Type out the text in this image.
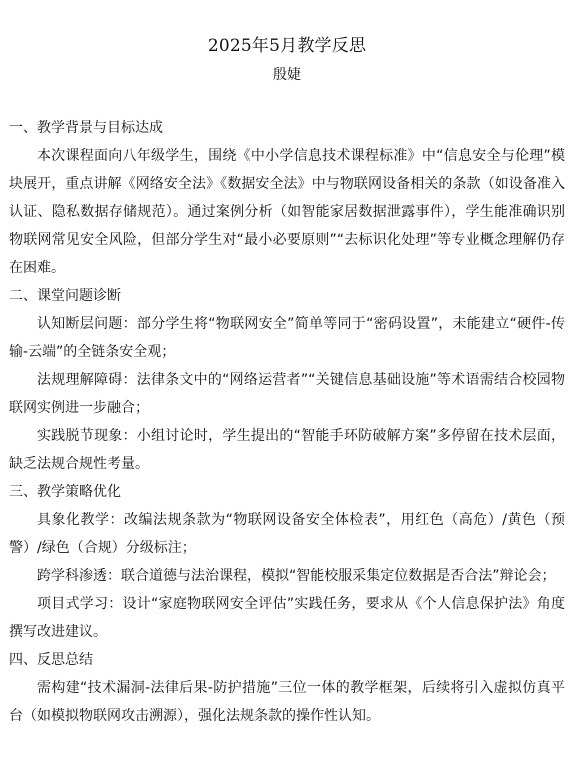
2025年5月教学反思
殷婕

一、教学背景与目标达成

本次课程面向八年级学生，围绕《中小学信息技术课程标准》中“信息安全与伦理”模块展开，重点讲解《网络安全法》《数据安全法》中与物联网设备相关的条款（如设备准入认证、隐私数据存储规范）。通过案例分析（如智能家居数据泄露事件），学生能准确识别物联网常见安全风险，但部分学生对“最小必要原则”“去标识化处理”等专业概念理解仍存在困难。

二、课堂问题诊断

认知断层问题：部分学生将“物联网安全”简单等同于“密码设置”，未能建立“硬件-传输-云端”的全链条安全观；

法规理解障碍：法律条文中的“网络运营者”“关键信息基础设施”等术语需结合校园物联网实例进一步融合；

实践脱节现象：小组讨论时，学生提出的“智能手环防破解方案”多停留在技术层面，缺乏法规合规性考量。

三、教学策略优化

具象化教学：改编法规条款为“物联网设备安全体检表”，用红色（高危）/黄色（预警）/绿色（合规）分级标注；

跨学科渗透：联合道德与法治课程，模拟“智能校服采集定位数据是否合法”辩论会；

项目式学习：设计“家庭物联网安全评估”实践任务，要求从《个人信息保护法》角度撰写改进建议。

四、反思总结

需构建“技术漏洞-法律后果-防护措施”三位一体的教学框架，后续将引入虚拟仿真平台（如模拟物联网攻击溯源），强化法规条款的操作性认知。
